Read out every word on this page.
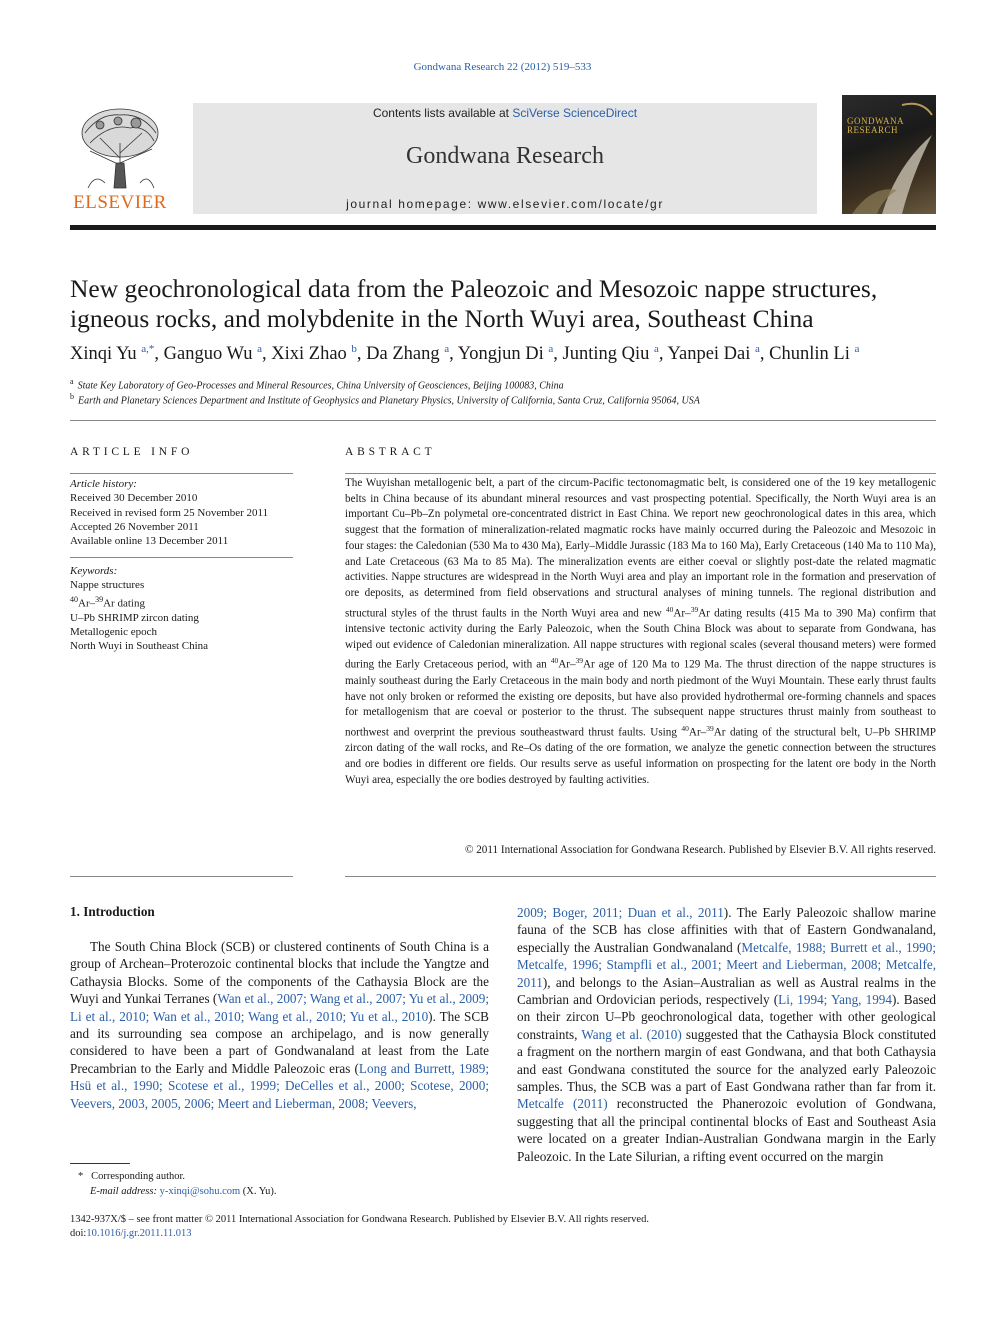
Gondwana Research 22 (2012) 519–533
ELSEVIER
Contents lists available at SciVerse ScienceDirect
Gondwana Research
journal homepage: www.elsevier.com/locate/gr
GONDWANA
RESEARCH
New geochronological data from the Paleozoic and Mesozoic nappe structures,
igneous rocks, and molybdenite in the North Wuyi area, Southeast China
Xinqi Yu $^{a,*}$, Ganguo Wu $^a$, Xixi Zhao $^b$, Da Zhang $^a$, Yongjun Di $^a$, Junting Qiu $^a$, Yanpei Dai $^a$, Chunlin Li $^a$
$^a$ State Key Laboratory of Geo-Processes and Mineral Resources, China University of Geosciences, Beijing 100083, China
$^b$ Earth and Planetary Sciences Department and Institute of Geophysics and Planetary Physics, University of California, Santa Cruz, California 95064, USA
ARTICLE INFO
Article history:
Received 30 December 2010
Received in revised form 25 November 2011
Accepted 26 November 2011
Available online 13 December 2011
Keywords:
Nappe structures
$^{40}$Ar–$^{39}$Ar dating
U–Pb SHRIMP zircon dating
Metallogenic epoch
North Wuyi in Southeast China
ABSTRACT
The Wuyishan metallogenic belt, a part of the circum-Pacific tectonomagmatic belt, is considered one of the 19 key metallogenic belts in China because of its abundant mineral resources and vast prospecting potential. Specifically, the North Wuyi area is an important Cu–Pb–Zn polymetal ore-concentrated district in East China. We report new geochronological dates in this area, which suggest that the formation of mineralization-related magmatic rocks have mainly occurred during the Paleozoic and Mesozoic in four stages: the Caledonian (530 Ma to 430 Ma), Early–Middle Jurassic (183 Ma to 160 Ma), Early Cretaceous (140 Ma to 110 Ma), and Late Cretaceous (63 Ma to 85 Ma). The mineralization events are either coeval or slightly post-date the related magmatic activities. Nappe structures are widespread in the North Wuyi area and play an important role in the formation and preservation of ore deposits, as determined from field observations and structural analyses of mining tunnels. The regional distribution and structural styles of the thrust faults in the North Wuyi area and new $^{40}$Ar–$^{39}$Ar dating results (415 Ma to 390 Ma) confirm that intensive tectonic activity during the Early Paleozoic, when the South China Block was about to separate from Gondwana, has wiped out evidence of Caledonian mineralization. All nappe structures with regional scales (several thousand meters) were formed during the Early Cretaceous period, with an $^{40}$Ar–$^{39}$Ar age of 120 Ma to 129 Ma. The thrust direction of the nappe structures is mainly southeast during the Early Cretaceous in the main body and north piedmont of the Wuyi Mountain. These early thrust faults have not only broken or reformed the existing ore deposits, but have also provided hydrothermal ore-forming channels and spaces for metallogenism that are coeval or posterior to the thrust. The subsequent nappe structures thrust mainly from southeast to northwest and overprint the previous southeastward thrust faults. Using $^{40}$Ar–$^{39}$Ar dating of the structural belt, U–Pb SHRIMP zircon dating of the wall rocks, and Re–Os dating of the ore formation, we analyze the genetic connection between the structures and ore bodies in different ore fields. Our results serve as useful information on prospecting for the latent ore body in the North Wuyi area, especially the ore bodies destroyed by faulting activities.
© 2011 International Association for Gondwana Research. Published by Elsevier B.V. All rights reserved.
1. Introduction
The South China Block (SCB) or clustered continents of South China is a group of Archean–Proterozoic continental blocks that include the Yangtze and Cathaysia Blocks. Some of the components of the Cathaysia Block are the Wuyi and Yunkai Terranes (Wan et al., 2007; Wang et al., 2007; Yu et al., 2009; Li et al., 2010; Wan et al., 2010; Wang et al., 2010; Yu et al., 2010). The SCB and its surrounding sea compose an archipelago, and is now generally considered to have been a part of Gondwanaland at least from the Late Precambrian to the Early and Middle Paleozoic eras (Long and Burrett, 1989; Hsü et al., 1990; Scotese et al., 1999; DeCelles et al., 2000; Scotese, 2000; Veevers, 2003, 2005, 2006; Meert and Lieberman, 2008; Veevers,
2009; Boger, 2011; Duan et al., 2011). The Early Paleozoic shallow marine fauna of the SCB has close affinities with that of Eastern Gondwanaland, especially the Australian Gondwanaland (Metcalfe, 1988; Burrett et al., 1990; Metcalfe, 1996; Stampfli et al., 2001; Meert and Lieberman, 2008; Metcalfe, 2011), and belongs to the Asian–Australian as well as Austral realms in the Cambrian and Ordovician periods, respectively (Li, 1994; Yang, 1994). Based on their zircon U–Pb geochronological data, together with other geological constraints, Wang et al. (2010) suggested that the Cathaysia Block constituted a fragment on the northern margin of east Gondwana, and that both Cathaysia and east Gondwana constituted the source for the analyzed early Paleozoic samples. Thus, the SCB was a part of East Gondwana rather than far from it. Metcalfe (2011) reconstructed the Phanerozoic evolution of Gondwana, suggesting that all the principal continental blocks of East and Southeast Asia were located on a greater Indian-Australian Gondwana margin in the Early Paleozoic. In the Late Silurian, a rifting event occurred on the margin
* Corresponding author.
E-mail address: y-xinqi@sohu.com (X. Yu).
1342-937X/$ – see front matter © 2011 International Association for Gondwana Research. Published by Elsevier B.V. All rights reserved.
doi:10.1016/j.gr.2011.11.013
